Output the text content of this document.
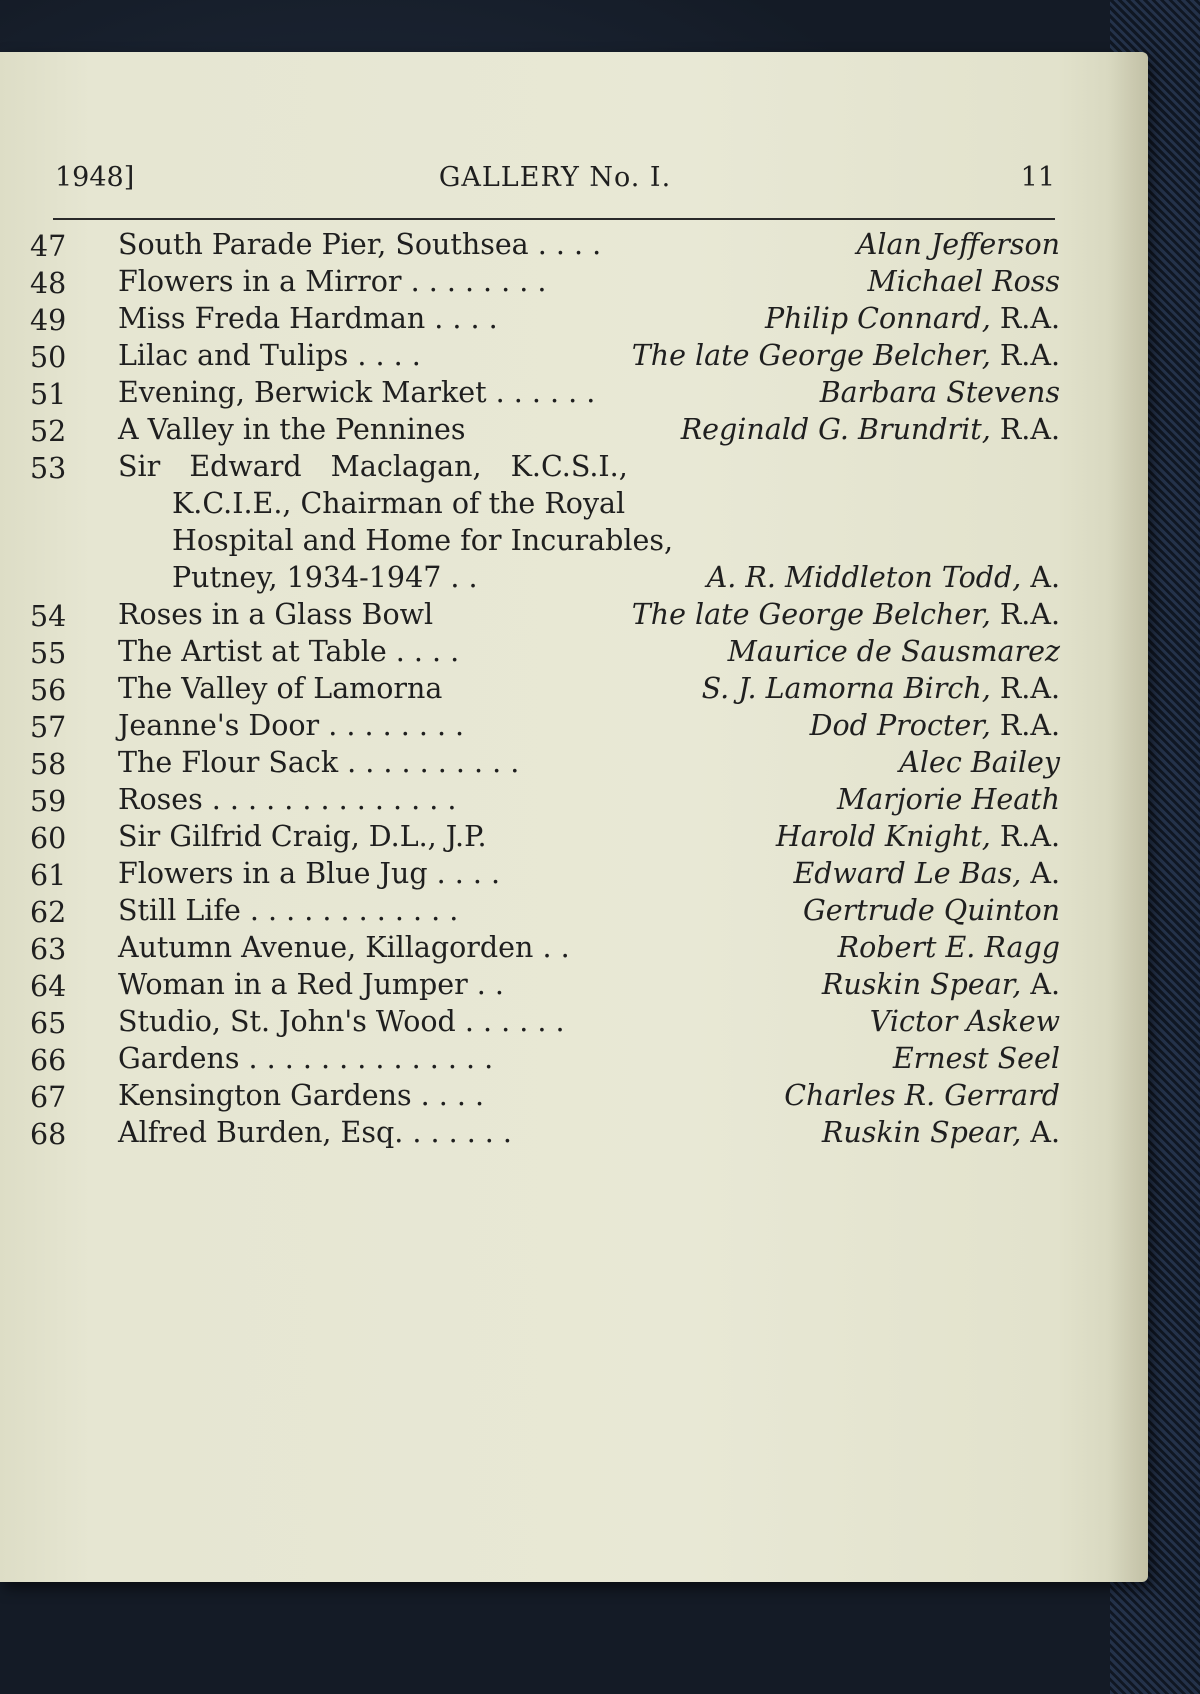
1948]	GALLERY No. I.	11
47	South Parade Pier, Southsea . . . .	Alan Jefferson
48	Flowers in a Mirror . . . . . . . .	Michael Ross
49	Miss Freda Hardman . . . .	Philip Connard, R.A.
50	Lilac and Tulips . . . .	The late George Belcher, R.A.
51	Evening, Berwick Market . . . . . .	Barbara Stevens
52	A Valley in the Pennines	Reginald G. Brundrit, R.A.
53	Sir Edward Maclagan, K.C.S.I.,
K.C.I.E., Chairman of the Royal
Hospital and Home for Incurables,
Putney, 1934-1947 . .	A. R. Middleton Todd, A.
54	Roses in a Glass Bowl	The late George Belcher, R.A.
55	The Artist at Table . . . .	Maurice de Sausmarez
56	The Valley of Lamorna	S. J. Lamorna Birch, R.A.
57	Jeanne's Door . . . . . . . .	Dod Procter, R.A.
58	The Flour Sack . . . . . . . . . .	Alec Bailey
59	Roses . . . . . . . . . . . . . .	Marjorie Heath
60	Sir Gilfrid Craig, D.L., J.P.	Harold Knight, R.A.
61	Flowers in a Blue Jug . . . .	Edward Le Bas, A.
62	Still Life . . . . . . . . . . . .	Gertrude Quinton
63	Autumn Avenue, Killagorden . .	Robert E. Ragg
64	Woman in a Red Jumper . .	Ruskin Spear, A.
65	Studio, St. John's Wood . . . . . .	Victor Askew
66	Gardens . . . . . . . . . . . . . .	Ernest Seel
67	Kensington Gardens . . . .	Charles R. Gerrard
68	Alfred Burden, Esq. . . . . . .	Ruskin Spear, A.
